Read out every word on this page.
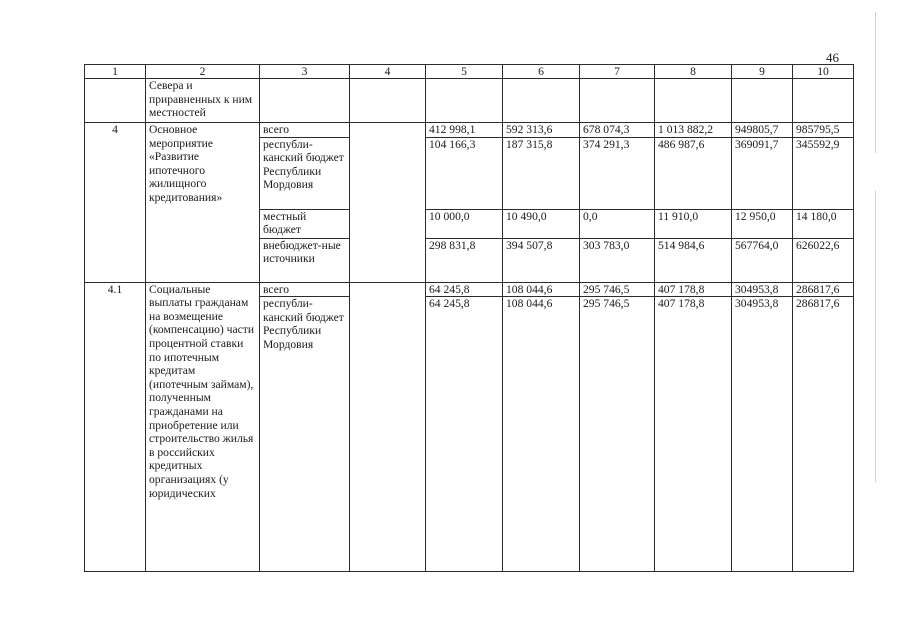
46
1	2	3	4	5	6	7	8	9	10
	Севера и приравненных к ним местностей								
4	Основное мероприятие «Развитие ипотечного жилищного кредитования»	всего		412 998,1	592 313,6	678 074,3	1 013 882,2	949805,7	985795,5
		республи-канский бюджет Республики Мордовия		104 166,3	187 315,8	374 291,3	486 987,6	369091,7	345592,9
		местный бюджет		10 000,0	10 490,0	0,0	11 910,0	12 950,0	14 180,0
		внебюджет-ные источники		298 831,8	394 507,8	303 783,0	514 984,6	567764,0	626022,6
4.1	Социальные выплаты гражданам на возмещение (компенсацию) части процентной ставки по ипотечным кредитам (ипотечным займам), полученным гражданами на приобретение или строительство жилья в российских кредитных организациях (у юридических	всего		64 245,8	108 044,6	295 746,5	407 178,8	304953,8	286817,6
		республи-канский бюджет Республики Мордовия		64 245,8	108 044,6	295 746,5	407 178,8	304953,8	286817,6
